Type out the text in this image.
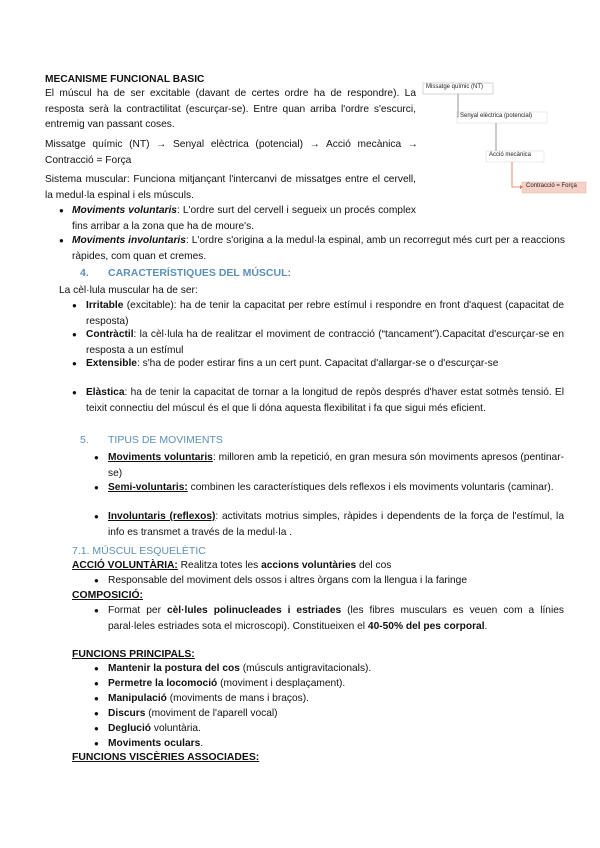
MECANISME FUNCIONAL BASIC
El múscul ha de ser excitable (davant de certes ordre ha de respondre). La resposta serà la contractilitat (escurçar-se). Entre quan arriba l'ordre s'escurci, entremig van passant coses.
Missatge químic (NT) → Senyal elèctrica (potencial) → Acció mecànica → Contracció = Força
Sistema muscular: Funciona mitjançant l'intercanvi de missatges entre el cervell, la medul·la espinal i els músculs.
● Moviments voluntaris: L'ordre surt del cervell i segueix un procés complex fins arribar a la zona que ha de moure's.
● Moviments involuntaris: L'ordre s'origina a la medul·la espinal, amb un recorregut més curt per a reaccions ràpides, com quan et cremes.
Missatge químic (NT)
Senyal elèctrica (potencial)
Acció mecànica
Contracció = Força
4. CARACTERÍSTIQUES DEL MÚSCUL:
La cèl·lula muscular ha de ser:
● Irritable (excitable): ha de tenir la capacitat per rebre estímul i respondre en front d'aquest (capacitat de resposta)
● Contràctil: la cèl·lula ha de realitzar el moviment de contracció (“tancament”).Capacitat d'escurçar-se en resposta a un estímul
● Extensible: s'ha de poder estirar fins a un cert punt. Capacitat d'allargar-se o d'escurçar-se
● Elàstica: ha de tenir la capacitat de tornar a la longitud de repòs després d'haver estat sotmès tensió. El teixit connectiu del múscul és el que li dóna aquesta flexibilitat i fa que sigui més eficient.
5. TIPUS DE MOVIMENTS
● Moviments voluntaris: milloren amb la repetició, en gran mesura són moviments apresos (pentinar-se)
● Semi-voluntaris: combinen les característiques dels reflexos i els moviments voluntaris (caminar).
● Involuntaris (reflexos): activitats motrius simples, ràpides i dependents de la força de l'estímul, la info es transmet a través de la medul·la .
7.1. MÚSCUL ESQUELÈTIC
ACCIÓ VOLUNTÀRIA: Realitza totes les accions voluntàries del cos
● Responsable del moviment dels ossos i altres òrgans com la llengua i la faringe
COMPOSICIÓ:
● Format per cèl·lules polinucleades i estriades (les fibres musculars es veuen com a línies paral·leles estriades sota el microscopi). Constitueixen el 40-50% del pes corporal.
FUNCIONS PRINCIPALS:
● Mantenir la postura del cos (músculs antigravitacionals).
● Permetre la locomoció (moviment i desplaçament).
● Manipulació (moviments de mans i braços).
● Discurs (moviment de l'aparell vocal)
● Deglució voluntària.
● Moviments oculars.
FUNCIONS VISCÈRIES ASSOCIADES:
